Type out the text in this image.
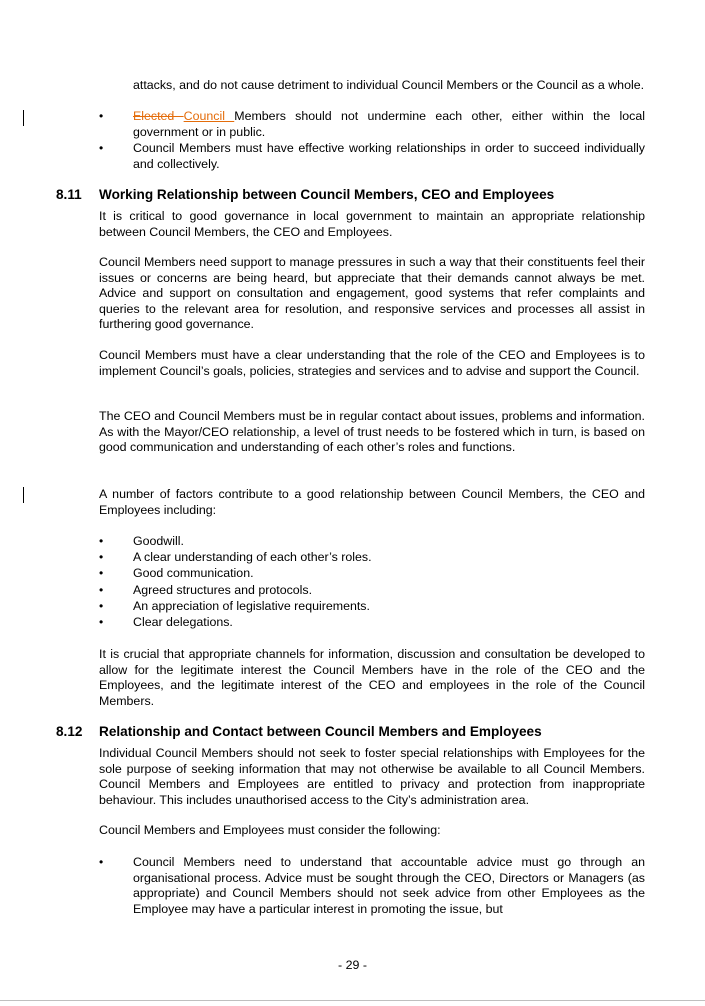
attacks, and do not cause detriment to individual Council Members or the Council as a whole.
•	Elected Council Members should not undermine each other, either within the local government or in public.
•	Council Members must have effective working relationships in order to succeed individually and collectively.
8.11 Working Relationship between Council Members, CEO and Employees
It is critical to good governance in local government to maintain an appropriate relationship between Council Members, the CEO and Employees.
Council Members need support to manage pressures in such a way that their constituents feel their issues or concerns are being heard, but appreciate that their demands cannot always be met. Advice and support on consultation and engagement, good systems that refer complaints and queries to the relevant area for resolution, and responsive services and processes all assist in furthering good governance.
Council Members must have a clear understanding that the role of the CEO and Employees is to implement Council’s goals, policies, strategies and services and to advise and support the Council.
The CEO and Council Members must be in regular contact about issues, problems and information. As with the Mayor/CEO relationship, a level of trust needs to be fostered which in turn, is based on good communication and understanding of each other’s roles and functions.
A number of factors contribute to a good relationship between Council Members, the CEO and Employees including:
•	Goodwill.
•	A clear understanding of each other’s roles.
•	Good communication.
•	Agreed structures and protocols.
•	An appreciation of legislative requirements.
•	Clear delegations.
It is crucial that appropriate channels for information, discussion and consultation be developed to allow for the legitimate interest the Council Members have in the role of the CEO and the Employees, and the legitimate interest of the CEO and employees in the role of the Council Members.
8.12 Relationship and Contact between Council Members and Employees
Individual Council Members should not seek to foster special relationships with Employees for the sole purpose of seeking information that may not otherwise be available to all Council Members. Council Members and Employees are entitled to privacy and protection from inappropriate behaviour. This includes unauthorised access to the City’s administration area.
Council Members and Employees must consider the following:
•	Council Members need to understand that accountable advice must go through an organisational process. Advice must be sought through the CEO, Directors or Managers (as appropriate) and Council Members should not seek advice from other Employees as the Employee may have a particular interest in promoting the issue, but
- 29 -
